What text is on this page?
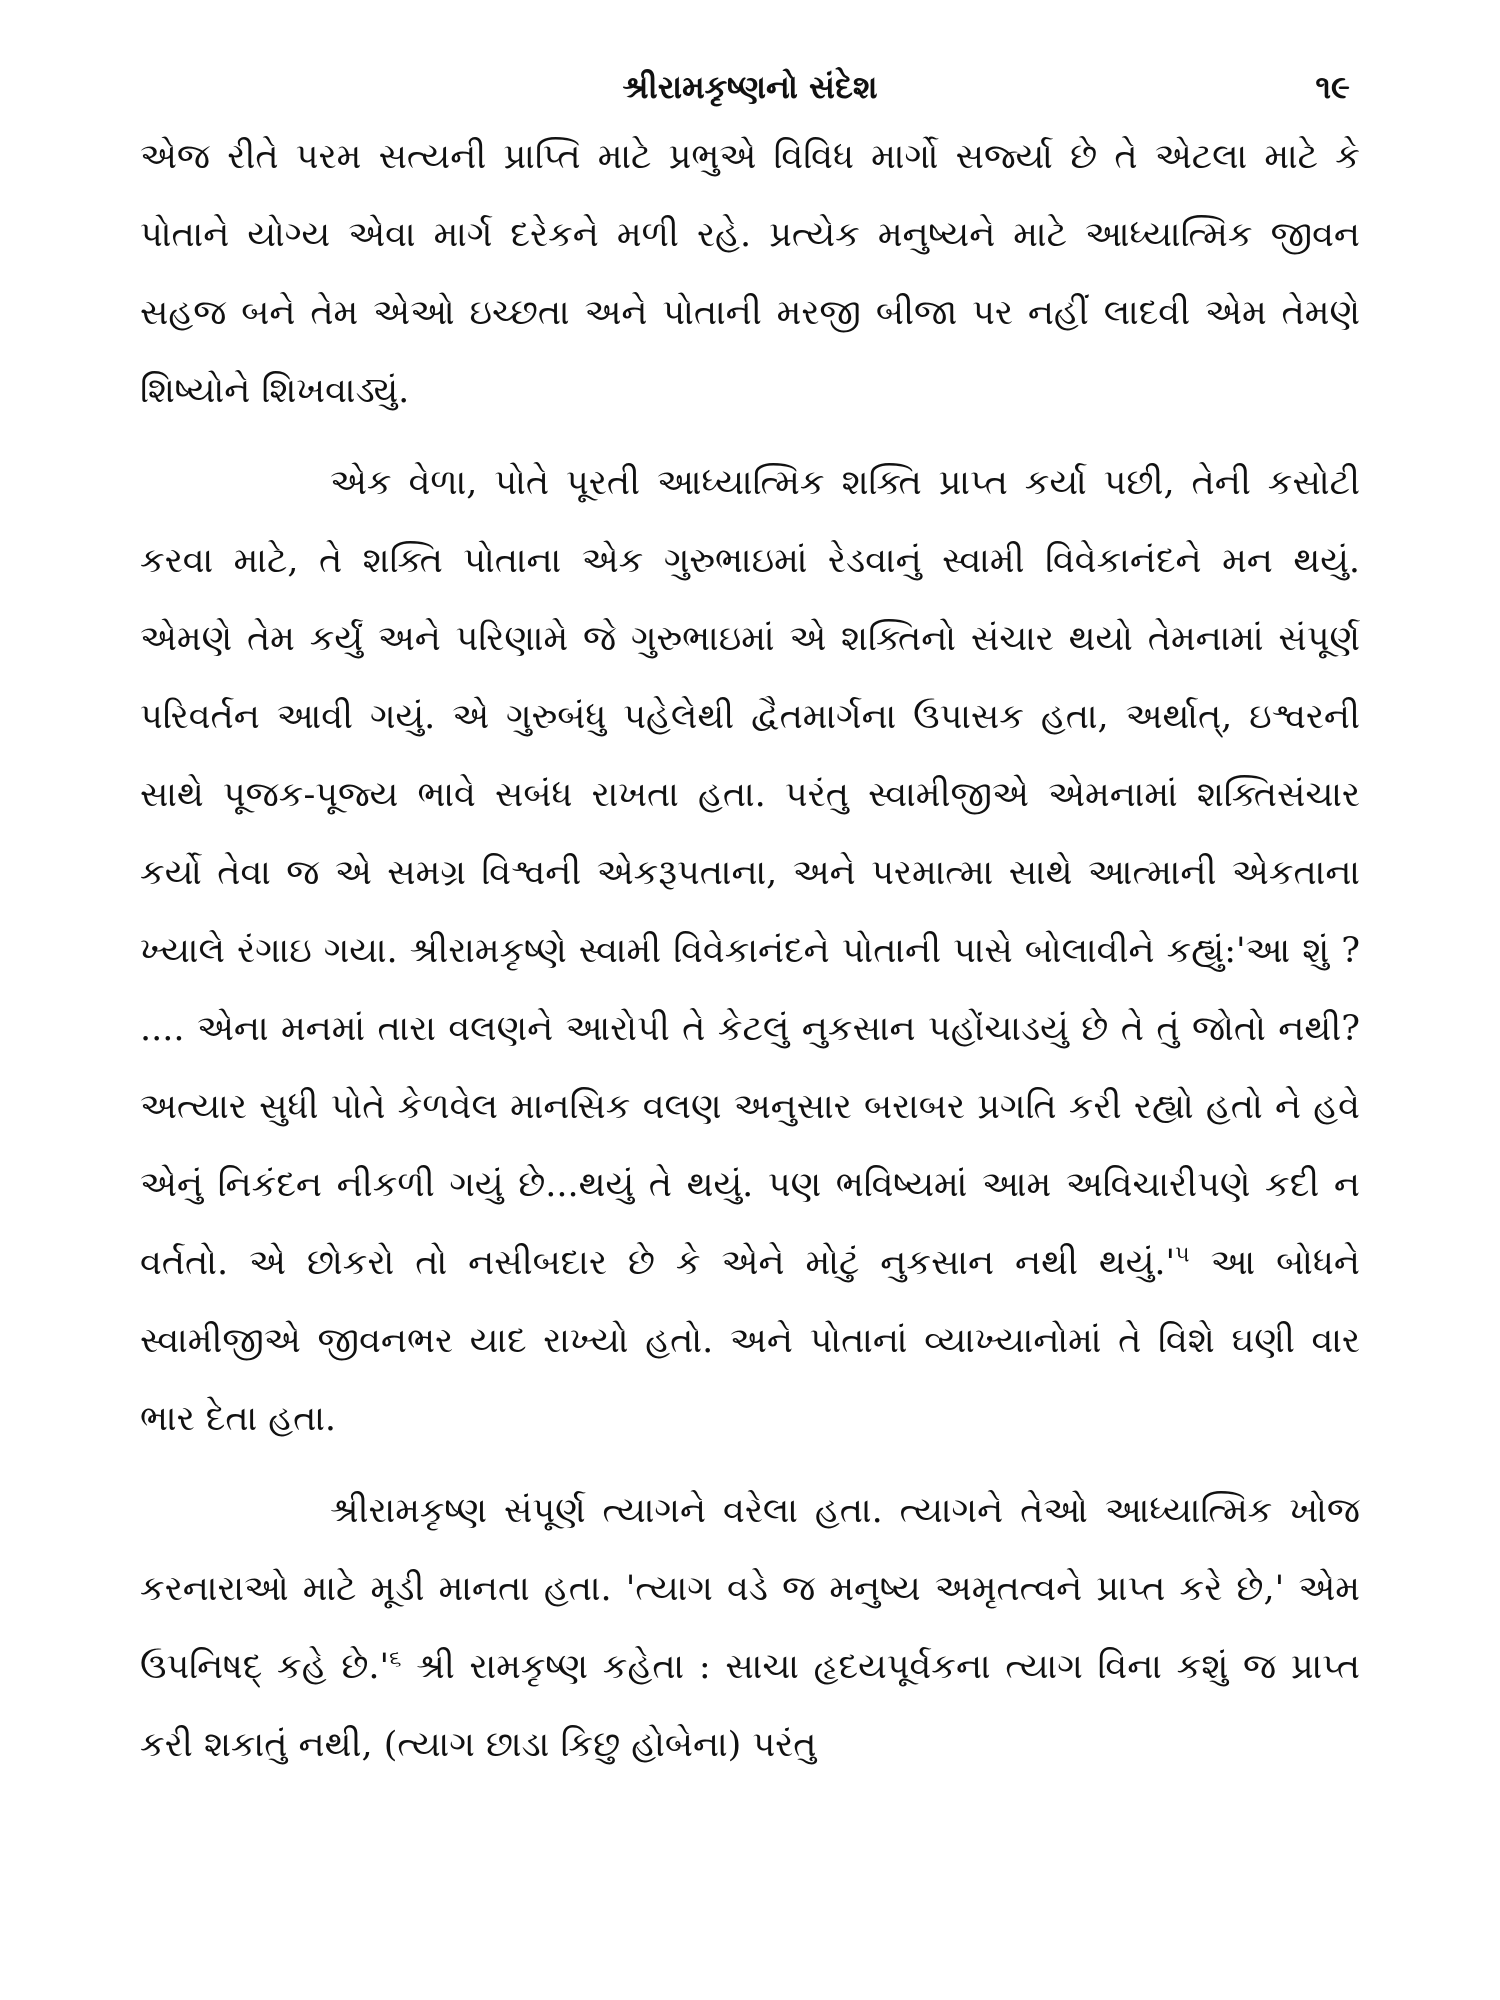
શ્રીરામકૃષ્ણનો સંદેશ	૧૯

એજ રીતે પરમ સત્યની પ્રાપ્તિ માટે પ્રભુએ વિવિધ માર્ગો સર્જ્યા છે તે એટલા માટે કે પોતાને યોગ્ય એવા માર્ગ દરેકને મળી રહે. પ્રત્યેક મનુષ્યને માટે આધ્યાત્મિક જીવન સહજ બને તેમ એઓ ઇચ્છતા અને પોતાની મરજી બીજા પર નહીં લાદવી એમ તેમણે શિષ્યોને શિખવાડ્યું.

એક વેળા, પોતે પૂરતી આધ્યાત્મિક શક્તિ પ્રાપ્ત કર્યા પછી, તેની કસોટી કરવા માટે, તે શક્તિ પોતાના એક ગુરુભાઇમાં રેડવાનું સ્વામી વિવેકાનંદને મન થયું. એમણે તેમ કર્યું અને પરિણામે જે ગુરુભાઇમાં એ શક્તિનો સંચાર થયો તેમનામાં સંપૂર્ણ પરિવર્તન આવી ગયું. એ ગુરુબંધુ પહેલેથી દ્વૈતમાર્ગના ઉપાસક હતા, અર્થાત્, ઇશ્વરની સાથે પૂજક-પૂજ્ય ભાવે સબંધ રાખતા હતા. પરંતુ સ્વામીજીએ એમનામાં શક્તિસંચાર કર્યો તેવા જ એ સમગ્ર વિશ્વની એકરૂપતાના, અને પરમાત્મા સાથે આત્માની એકતાના ખ્યાલે રંગાઇ ગયા. શ્રીરામકૃષ્ણે સ્વામી વિવેકાનંદને પોતાની પાસે બોલાવીને કહ્યું:'આ શું ? .... એના મનમાં તારા વલણને આરોપી તે કેટલું નુકસાન પહોંચાડયું છે તે તું જોતો નથી? અત્યાર સુધી પોતે કેળવેલ માનસિક વલણ અનુસાર બરાબર પ્રગતિ કરી રહ્યો હતો ને હવે એનું નિકંદન નીકળી ગયું છે...થયું તે થયું. પણ ભવિષ્યમાં આમ અવિચારીપણે કદી ન વર્તતો. એ છોકરો તો નસીબદાર છે કે એને મોટું નુકસાન નથી $થયું.'^૫$ આ બોધને સ્વામીજીએ જીવનભર યાદ રાખ્યો હતો. અને પોતાનાં વ્યાખ્યાનોમાં તે વિશે ઘણી વાર ભાર દેતા હતા.

શ્રીરામકૃષ્ણ સંપૂર્ણ ત્યાગને વરેલા હતા. ત્યાગને તેઓ આધ્યાત્મિક ખોજ કરનારાઓ માટે મૂડી માનતા હતા. 'ત્યાગ વડે જ મનુષ્ય અમૃતત્વને પ્રાપ્ત કરે છે,' એમ ઉપનિષદ્ કહે $છે.'^૬$ શ્રી રામકૃષ્ણ કહેતા : સાચા હૃદયપૂર્વકના ત્યાગ વિના કશું જ પ્રાપ્ત કરી શકાતું નથી, (ત્યાગ છાડા કિછુ હોબેના) પરંતુ
